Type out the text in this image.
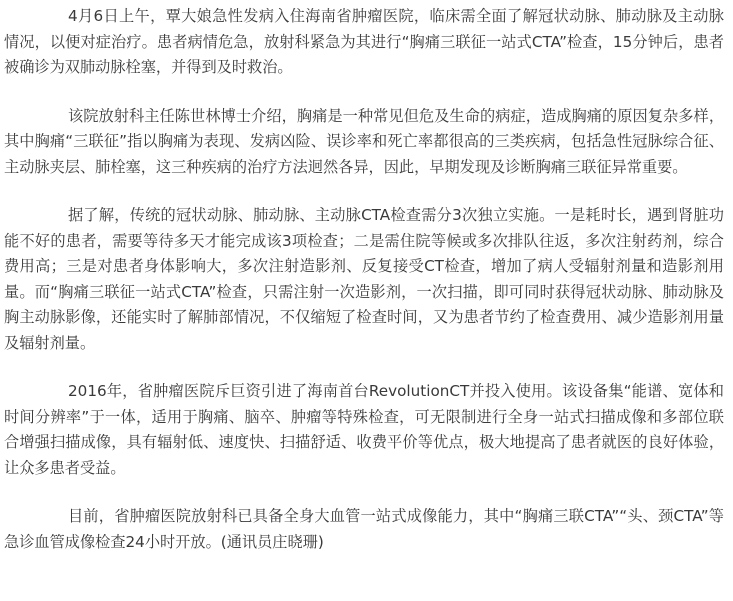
4月6日上午，覃大娘急性发病入住海南省肿瘤医院，临床需全面了解冠状动脉、肺动脉及主动脉情况，以便对症治疗。患者病情危急，放射科紧急为其进行“胸痛三联征一站式CTA”检查，15分钟后，患者被确诊为双肺动脉栓塞，并得到及时救治。

该院放射科主任陈世林博士介绍，胸痛是一种常见但危及生命的病症，造成胸痛的原因复杂多样，其中胸痛“三联征”指以胸痛为表现、发病凶险、误诊率和死亡率都很高的三类疾病，包括急性冠脉综合征、主动脉夹层、肺栓塞，这三种疾病的治疗方法迥然各异，因此，早期发现及诊断胸痛三联征异常重要。

据了解，传统的冠状动脉、肺动脉、主动脉CTA检查需分3次独立实施。一是耗时长，遇到肾脏功能不好的患者，需要等待多天才能完成该3项检查；二是需住院等候或多次排队往返，多次注射药剂，综合费用高；三是对患者身体影响大，多次注射造影剂、反复接受CT检查，增加了病人受辐射剂量和造影剂用量。而“胸痛三联征一站式CTA”检查，只需注射一次造影剂，一次扫描，即可同时获得冠状动脉、肺动脉及胸主动脉影像，还能实时了解肺部情况，不仅缩短了检查时间，又为患者节约了检查费用、减少造影剂用量及辐射剂量。

2016年，省肿瘤医院斥巨资引进了海南首台RevolutionCT并投入使用。该设备集“能谱、宽体和时间分辨率”于一体，适用于胸痛、脑卒、肿瘤等特殊检查，可无限制进行全身一站式扫描成像和多部位联合增强扫描成像，具有辐射低、速度快、扫描舒适、收费平价等优点，极大地提高了患者就医的良好体验，让众多患者受益。

目前，省肿瘤医院放射科已具备全身大血管一站式成像能力，其中“胸痛三联CTA”“头、颈CTA”等急诊血管成像检查24小时开放。(通讯员庄晓珊)
